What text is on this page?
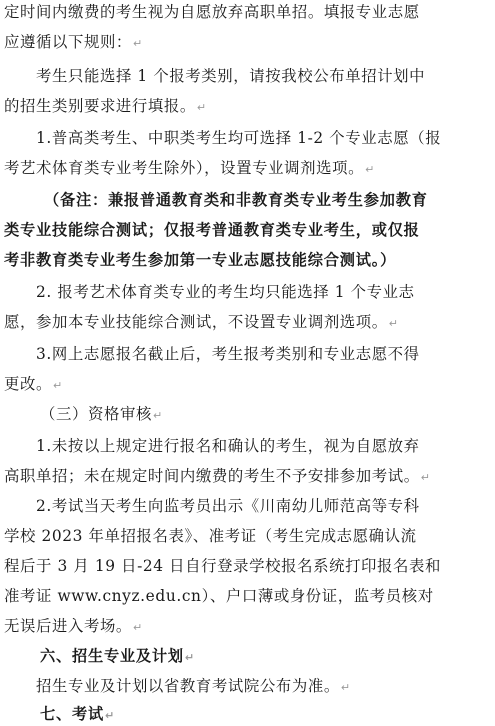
定时间内缴费的考生视为自愿放弃高职单招。填报专业志愿
应遵循以下规则：↵
考生只能选择 1 个报考类别，请按我校公布单招计划中
的招生类别要求进行填报。↵
1.普高类考生、中职类考生均可选择 1-2 个专业志愿（报
考艺术体育类专业考生除外），设置专业调剂选项。↵
（备注：兼报普通教育类和非教育类专业考生参加教育
类专业技能综合测试；仅报考普通教育类专业考生，或仅报
考非教育类专业考生参加第一专业志愿技能综合测试。）
2. 报考艺术体育类专业的考生均只能选择 1 个专业志
愿，参加本专业技能综合测试，不设置专业调剂选项。↵
3.网上志愿报名截止后，考生报考类别和专业志愿不得
更改。↵
（三）资格审核↵
1.未按以上规定进行报名和确认的考生，视为自愿放弃
高职单招；未在规定时间内缴费的考生不予安排参加考试。↵
2.考试当天考生向监考员出示《川南幼儿师范高等专科
学校 2023 年单招报名表》、准考证（考生完成志愿确认流
程后于 3 月 19 日-24 日自行登录学校报名系统打印报名表和
准考证 www.cnyz.edu.cn）、户口薄或身份证，监考员核对
无误后进入考场。↵
六、招生专业及计划↵
招生专业及计划以省教育考试院公布为准。↵
七、考试↵
